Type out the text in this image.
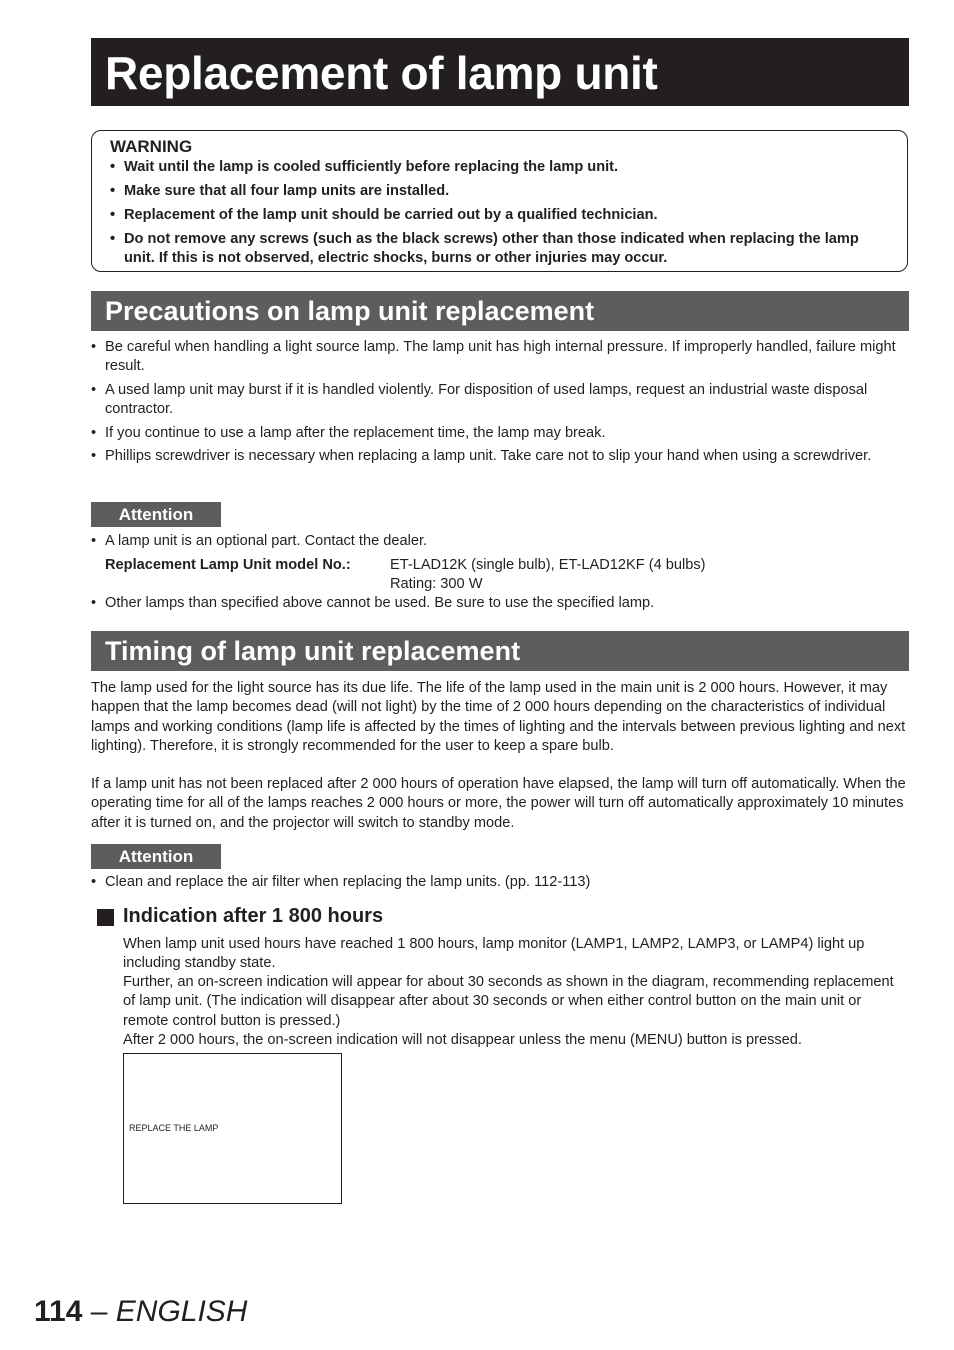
Replacement of lamp unit
WARNING
• Wait until the lamp is cooled sufficiently before replacing the lamp unit.
• Make sure that all four lamp units are installed.
• Replacement of the lamp unit should be carried out by a qualified technician.
• Do not remove any screws (such as the black screws) other than those indicated when replacing the lamp unit. If this is not observed, electric shocks, burns or other injuries may occur.
Precautions on lamp unit replacement
• Be careful when handling a light source lamp. The lamp unit has high internal pressure. If improperly handled, failure might result.
• A used lamp unit may burst if it is handled violently. For disposition of used lamps, request an industrial waste disposal contractor.
• If you continue to use a lamp after the replacement time, the lamp may break.
• Phillips screwdriver is necessary when replacing a lamp unit. Take care not to slip your hand when using a screwdriver.
Attention
• A lamp unit is an optional part. Contact the dealer.
Replacement Lamp Unit model No.:	ET-LAD12K (single bulb), ET-LAD12KF (4 bulbs)
Rating: 300 W
• Other lamps than specified above cannot be used. Be sure to use the specified lamp.
Timing of lamp unit replacement
The lamp used for the light source has its due life. The life of the lamp used in the main unit is 2 000 hours. However, it may happen that the lamp becomes dead (will not light) by the time of 2 000 hours depending on the characteristics of individual lamps and working conditions (lamp life is affected by the times of lighting and the intervals between previous lighting and next lighting). Therefore, it is strongly recommended for the user to keep a spare bulb.
If a lamp unit has not been replaced after 2 000 hours of operation have elapsed, the lamp will turn off automatically. When the operating time for all of the lamps reaches 2 000 hours or more, the power will turn off automatically approximately 10 minutes after it is turned on, and the projector will switch to standby mode.
Attention
• Clean and replace the air filter when replacing the lamp units. (pp. 112-113)
Indication after 1 800 hours
When lamp unit used hours have reached 1 800 hours, lamp monitor (LAMP1, LAMP2, LAMP3, or LAMP4) light up including standby state.
Further, an on-screen indication will appear for about 30 seconds as shown in the diagram, recommending replacement of lamp unit. (The indication will disappear after about 30 seconds or when either control button on the main unit or remote control button is pressed.)
After 2 000 hours, the on-screen indication will not disappear unless the menu (MENU) button is pressed.
REPLACE THE LAMP
114 – ENGLISH
